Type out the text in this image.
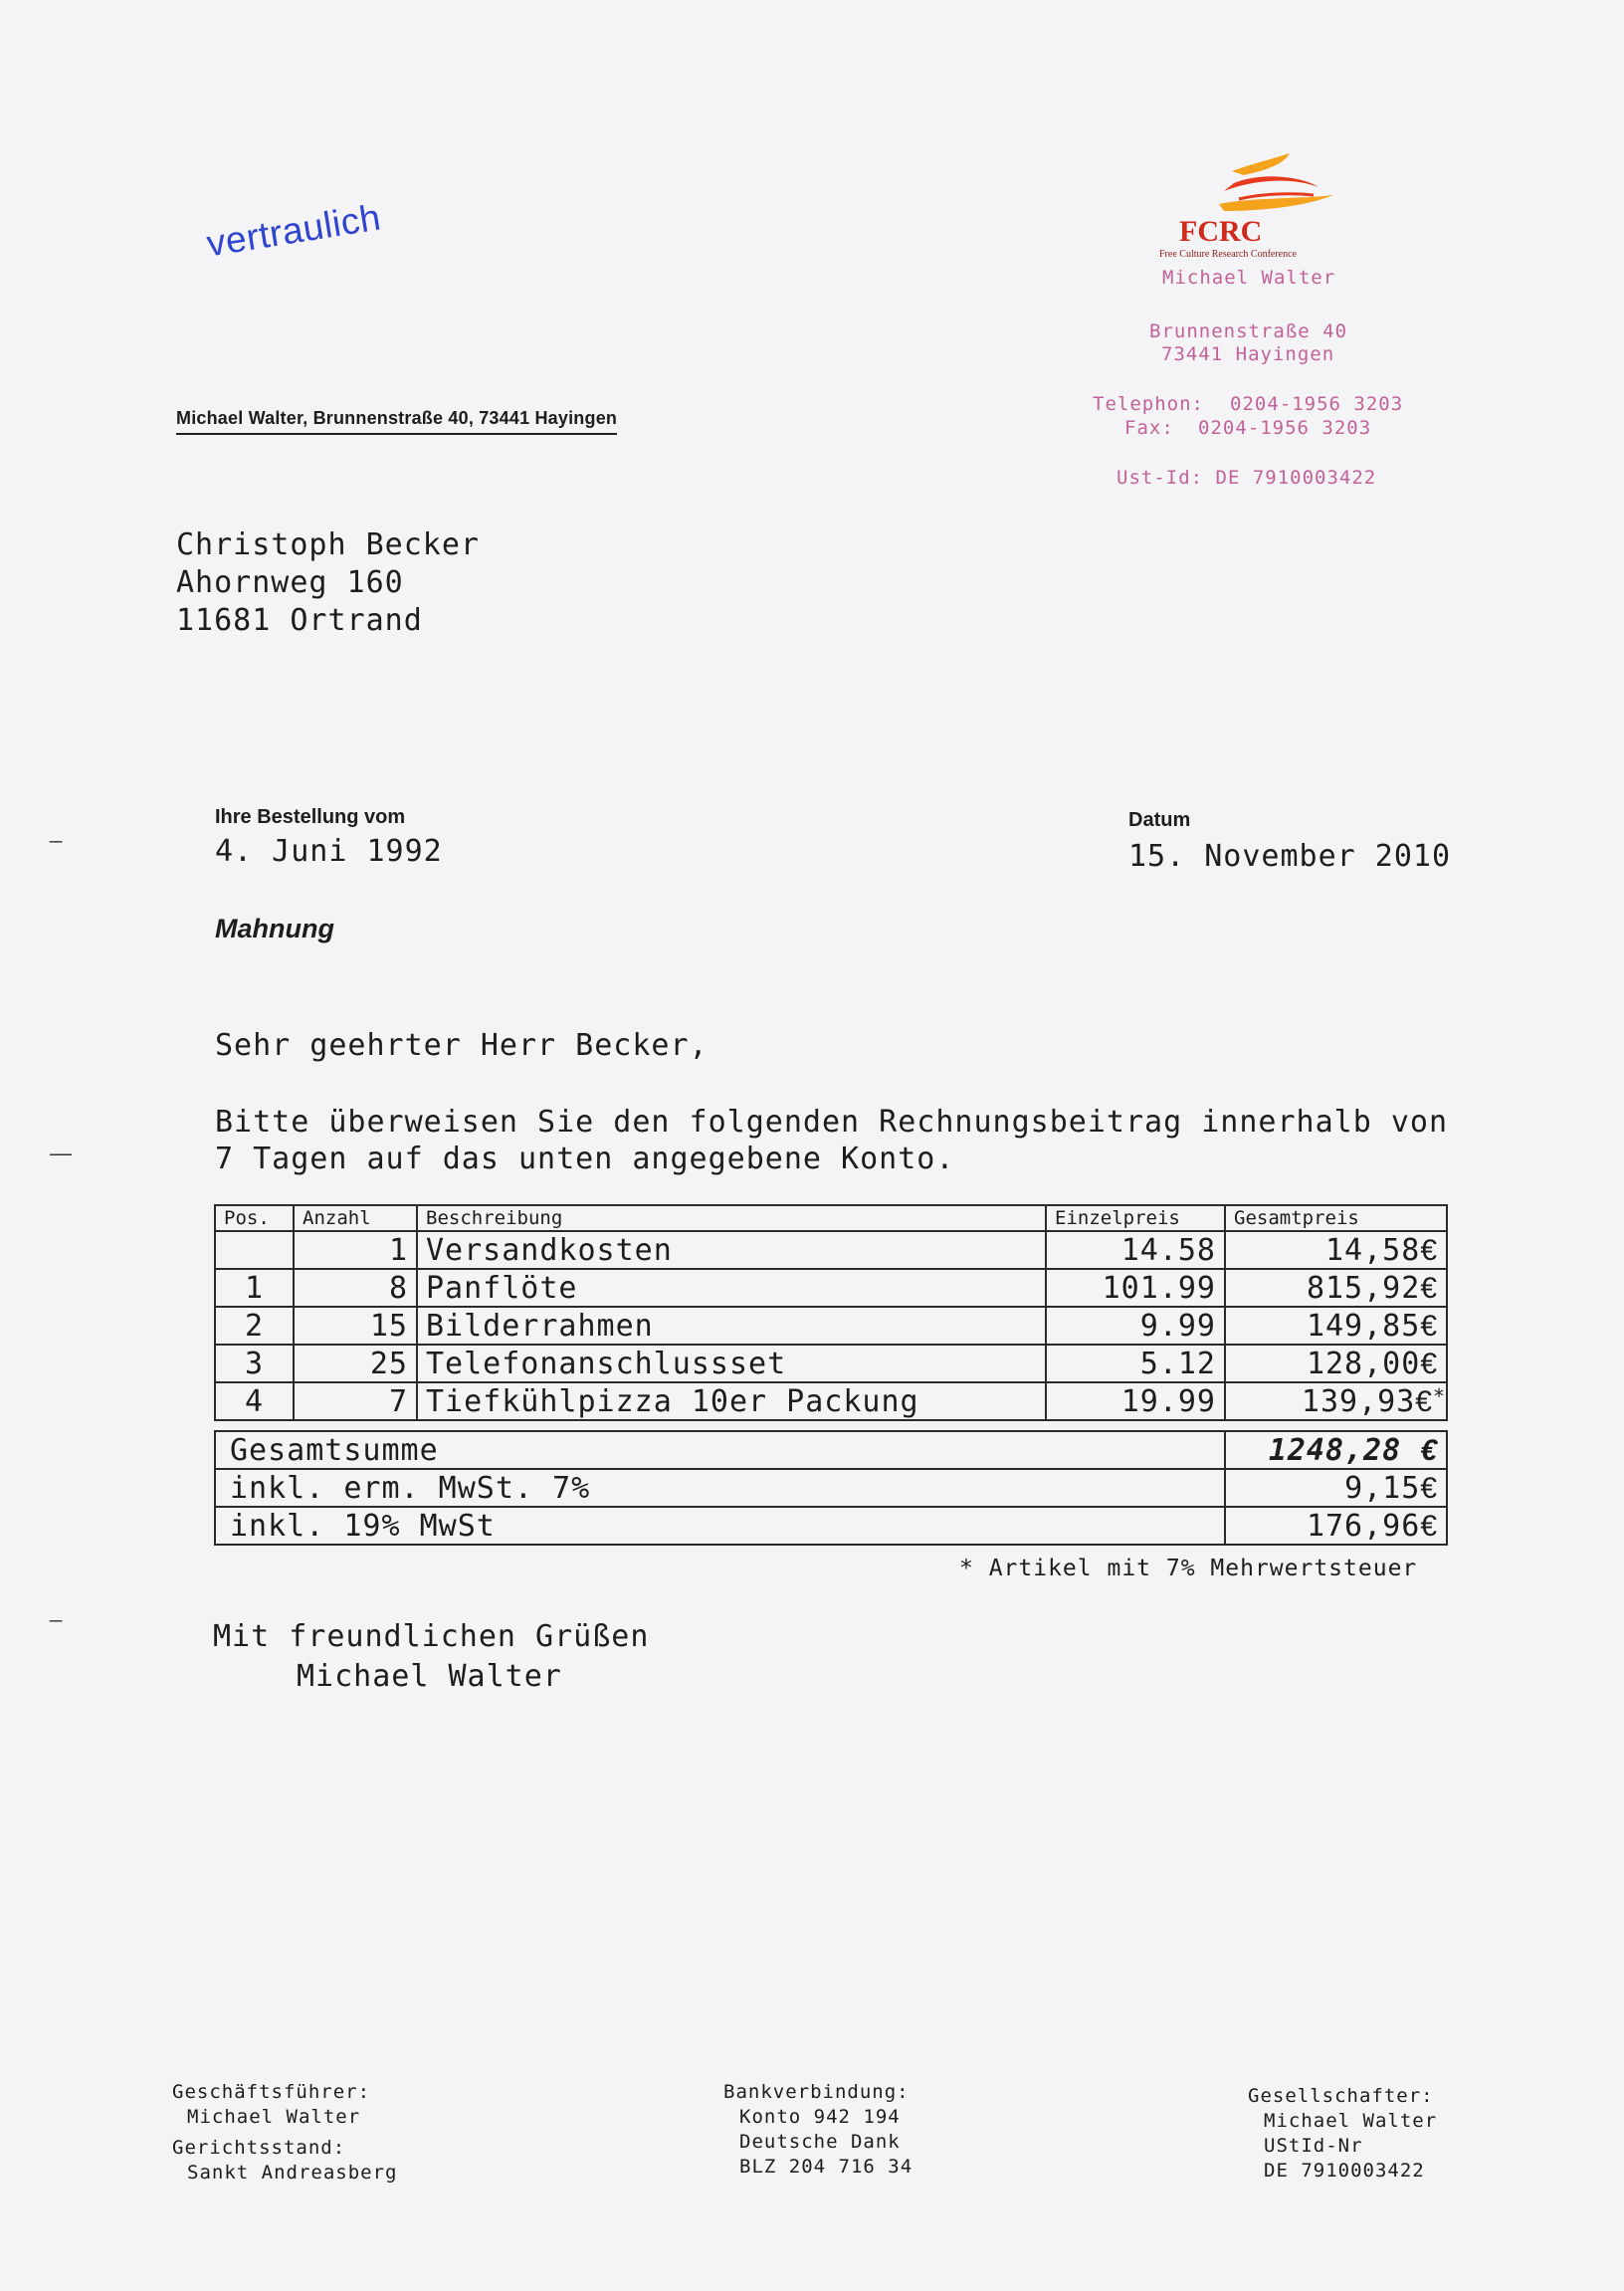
vertraulich	FCRC
Free Culture Research Conference
Michael Walter
Brunnenstraße 40
73441 Hayingen
Telephon: 0204-1956 3203
Fax: 0204-1956 3203
Ust-Id: DE 7910003422
Michael Walter, Brunnenstraße 40, 73441 Hayingen
Christoph Becker
Ahornweg 160
11681 Ortrand
Ihre Bestellung vom
4. Juni 1992
Datum
15. November 2010
Mahnung
Sehr geehrter Herr Becker,
Bitte überweisen Sie den folgenden Rechnungsbeitrag innerhalb von
7 Tagen auf das unten angegebene Konto.
Pos.	Anzahl	Beschreibung	Einzelpreis	Gesamtpreis
	1	Versandkosten	14.58	14,58€
1	8	Panflöte	101.99	815,92€
2	15	Bilderrahmen	9.99	149,85€
3	25	Telefonanschlussset	5.12	128,00€
4	7	Tiefkühlpizza 10er Packung	19.99	139,93€*
Gesamtsumme	1248,28 €
inkl. erm. MwSt. 7%	9,15€
inkl. 19% MwSt	176,96€
* Artikel mit 7% Mehrwertsteuer
Mit freundlichen Grüßen
Michael Walter
Geschäftsführer:
Michael Walter
Gerichtsstand:
Sankt Andreasberg
Bankverbindung:
Konto 942 194
Deutsche Dank
BLZ 204 716 34
Gesellschafter:
Michael Walter
UStId-Nr
DE 7910003422
_
—
_
